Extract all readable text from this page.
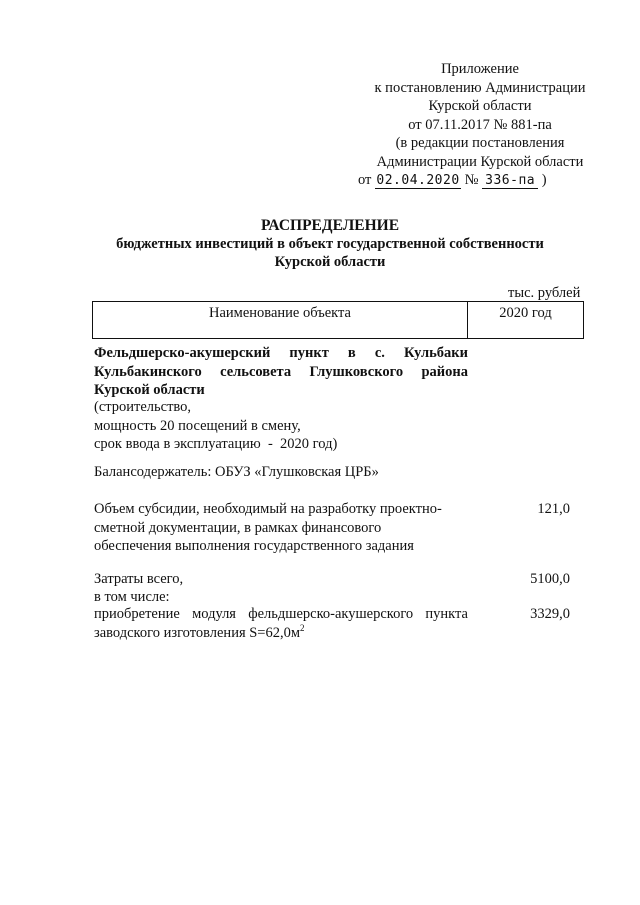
Приложение
к постановлению Администрации
Курской области
от 07.11.2017 № 881-па
(в редакции постановления
Администрации Курской области
от 02.04.2020 № 336-па )
РАСПРЕДЕЛЕНИЕ
бюджетных инвестиций в объект государственной собственности
Курской области
тыс. рублей
Наименование объекта	2020 год
Фельдшерско-акушерский пункт в с. Кульбаки
Кульбакинского сельсовета Глушковского района
Курской области
(строительство,
мощность 20 посещений в смену,
срок ввода в эксплуатацию  -  2020 год)
Балансодержатель: ОБУЗ «Глушковская ЦРБ»
Объем субсидии, необходимый на разработку проектно-
сметной документации, в рамках финансового
обеспечения выполнения государственного задания
121,0
Затраты всего,	5100,0
в том числе:
приобретение модуля фельдшерско-акушерского пункта
заводского изготовления $S=62,0м^2$
3329,0
